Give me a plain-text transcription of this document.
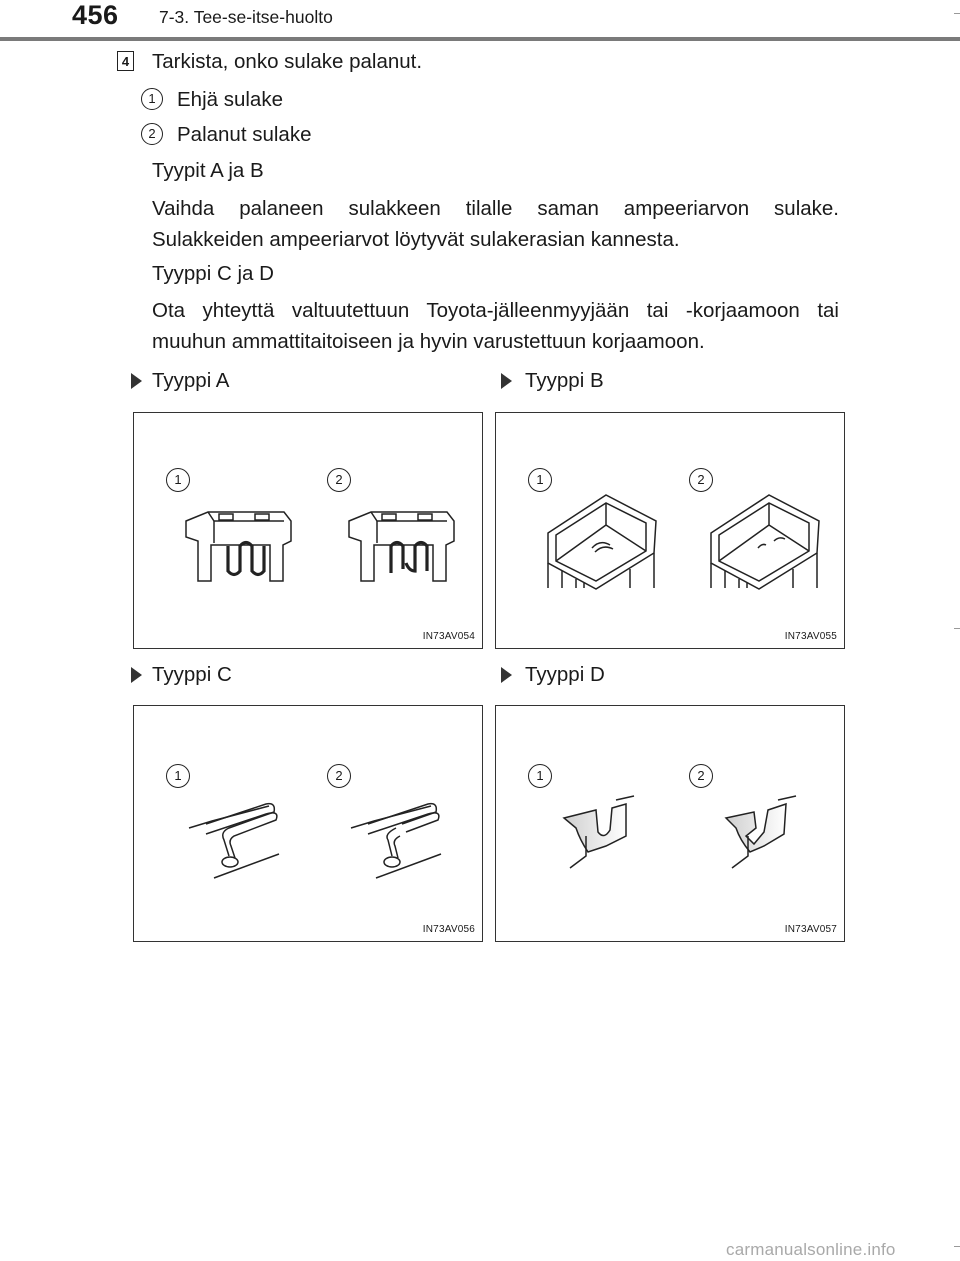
456 7-3. Tee-se-itse-huolto
4 Tarkista, onko sulake palanut.
1	Ehjä sulake
2	Palanut sulake
Tyypit A ja B
Vaihda palaneen sulakkeen tilalle saman ampeeriarvon sulake. Sulakkeiden ampeeriarvot löytyvät sulakerasian kannesta.
Tyyppi C ja D
Ota yhteyttä valtuutettuun Toyota-jälleenmyyjään tai -korjaamoon tai muuhun ammattitaitoiseen ja hyvin varustettuun korjaamoon.
Tyyppi A	Tyyppi B
Tyyppi C	Tyyppi D
1	2
IN73AV054
1	2
IN73AV055
1	2
IN73AV056
1	2
IN73AV057
carmanualsonline.info
